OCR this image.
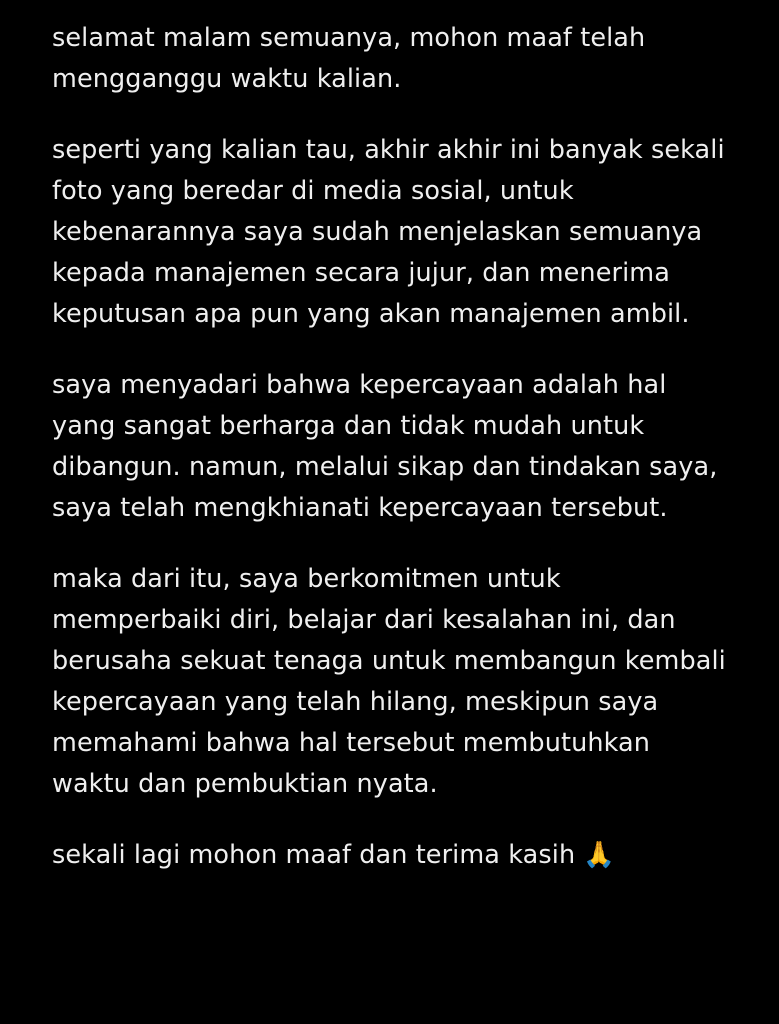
selamat malam semuanya, mohon maaf telah mengganggu waktu kalian.

seperti yang kalian tau, akhir akhir ini banyak sekali foto yang beredar di media sosial, untuk kebenarannya saya sudah menjelaskan semuanya kepada manajemen secara jujur, dan menerima keputusan apa pun yang akan manajemen ambil.

saya menyadari bahwa kepercayaan adalah hal yang sangat berharga dan tidak mudah untuk dibangun. namun, melalui sikap dan tindakan saya, saya telah mengkhianati kepercayaan tersebut.

maka dari itu, saya berkomitmen untuk memperbaiki diri, belajar dari kesalahan ini, dan berusaha sekuat tenaga untuk membangun kembali kepercayaan yang telah hilang, meskipun saya memahami bahwa hal tersebut membutuhkan waktu dan pembuktian nyata.

sekali lagi mohon maaf dan terima kasih 🙏
